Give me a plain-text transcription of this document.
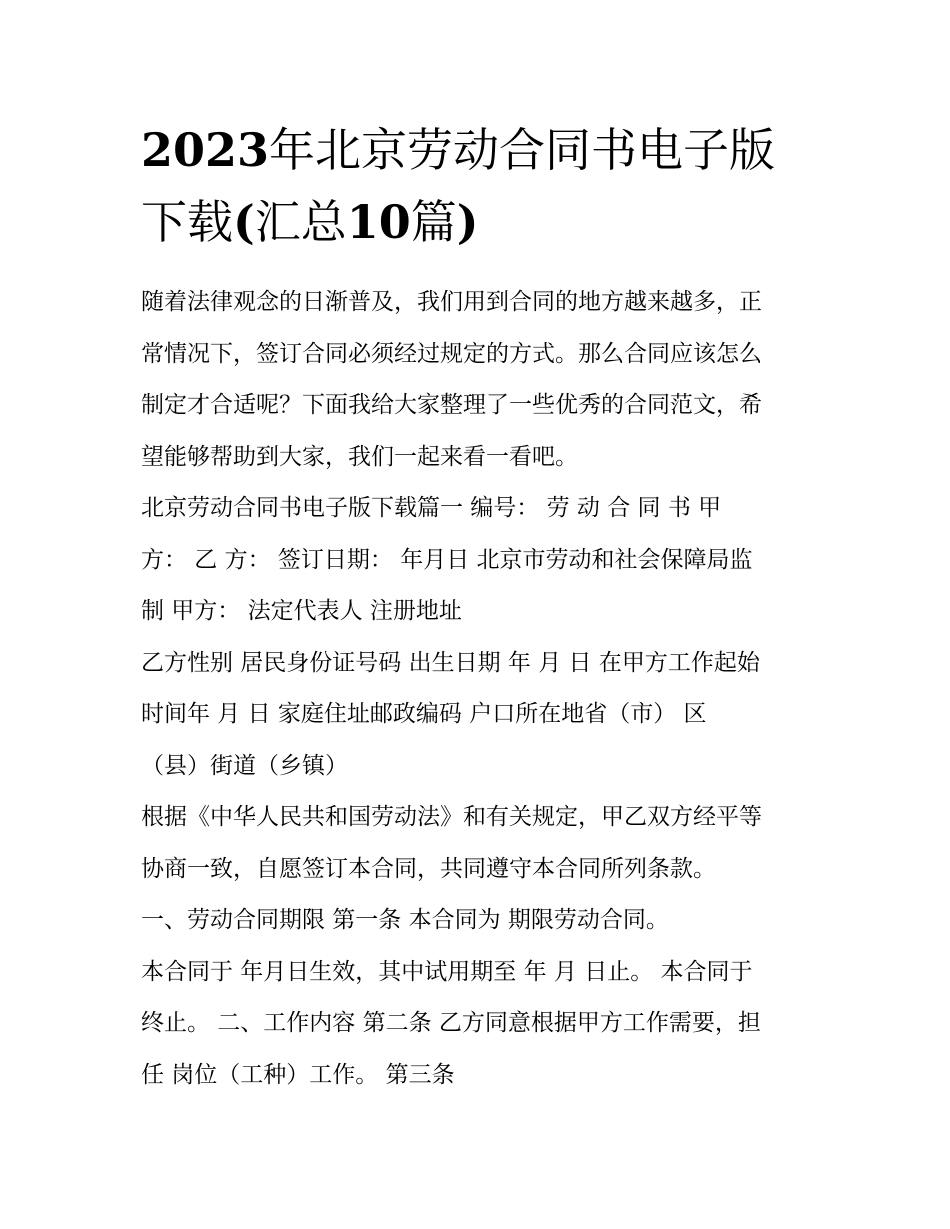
2023年北京劳动合同书电子版
下载(汇总10篇)
随着法律观念的日渐普及，我们用到合同的地方越来越多，正
常情况下，签订合同必须经过规定的方式。那么合同应该怎么
制定才合适呢？下面我给大家整理了一些优秀的合同范文，希
望能够帮助到大家，我们一起来看一看吧。
北京劳动合同书电子版下载篇一 编号： 劳 动 合 同 书 甲
方： 乙 方： 签订日期： 年月日 北京市劳动和社会保障局监
制 甲方： 法定代表人 注册地址
乙方性别 居民身份证号码 出生日期 年 月 日 在甲方工作起始
时间年 月 日 家庭住址邮政编码 户口所在地省（市） 区
（县）街道（乡镇）
根据《中华人民共和国劳动法》和有关规定，甲乙双方经平等
协商一致，自愿签订本合同，共同遵守本合同所列条款。
一、劳动合同期限 第一条 本合同为 期限劳动合同。
本合同于 年月日生效，其中试用期至 年 月 日止。 本合同于
终止。 二、工作内容 第二条 乙方同意根据甲方工作需要，担
任 岗位（工种）工作。 第三条
